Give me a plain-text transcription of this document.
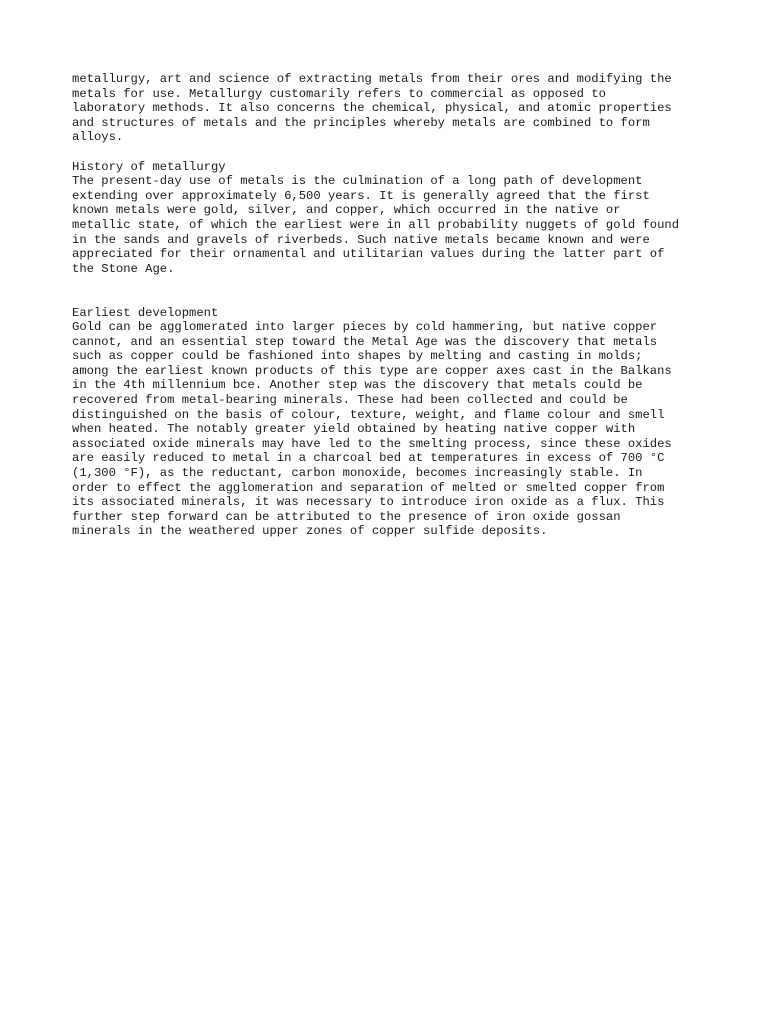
metallurgy, art and science of extracting metals from their ores and modifying the
metals for use. Metallurgy customarily refers to commercial as opposed to
laboratory methods. It also concerns the chemical, physical, and atomic properties
and structures of metals and the principles whereby metals are combined to form
alloys.
History of metallurgy
The present-day use of metals is the culmination of a long path of development
extending over approximately 6,500 years. It is generally agreed that the first
known metals were gold, silver, and copper, which occurred in the native or
metallic state, of which the earliest were in all probability nuggets of gold found
in the sands and gravels of riverbeds. Such native metals became known and were
appreciated for their ornamental and utilitarian values during the latter part of
the Stone Age.
Earliest development
Gold can be agglomerated into larger pieces by cold hammering, but native copper
cannot, and an essential step toward the Metal Age was the discovery that metals
such as copper could be fashioned into shapes by melting and casting in molds;
among the earliest known products of this type are copper axes cast in the Balkans
in the 4th millennium bce. Another step was the discovery that metals could be
recovered from metal-bearing minerals. These had been collected and could be
distinguished on the basis of colour, texture, weight, and flame colour and smell
when heated. The notably greater yield obtained by heating native copper with
associated oxide minerals may have led to the smelting process, since these oxides
are easily reduced to metal in a charcoal bed at temperatures in excess of 700 °C
(1,300 °F), as the reductant, carbon monoxide, becomes increasingly stable. In
order to effect the agglomeration and separation of melted or smelted copper from
its associated minerals, it was necessary to introduce iron oxide as a flux. This
further step forward can be attributed to the presence of iron oxide gossan
minerals in the weathered upper zones of copper sulfide deposits.
